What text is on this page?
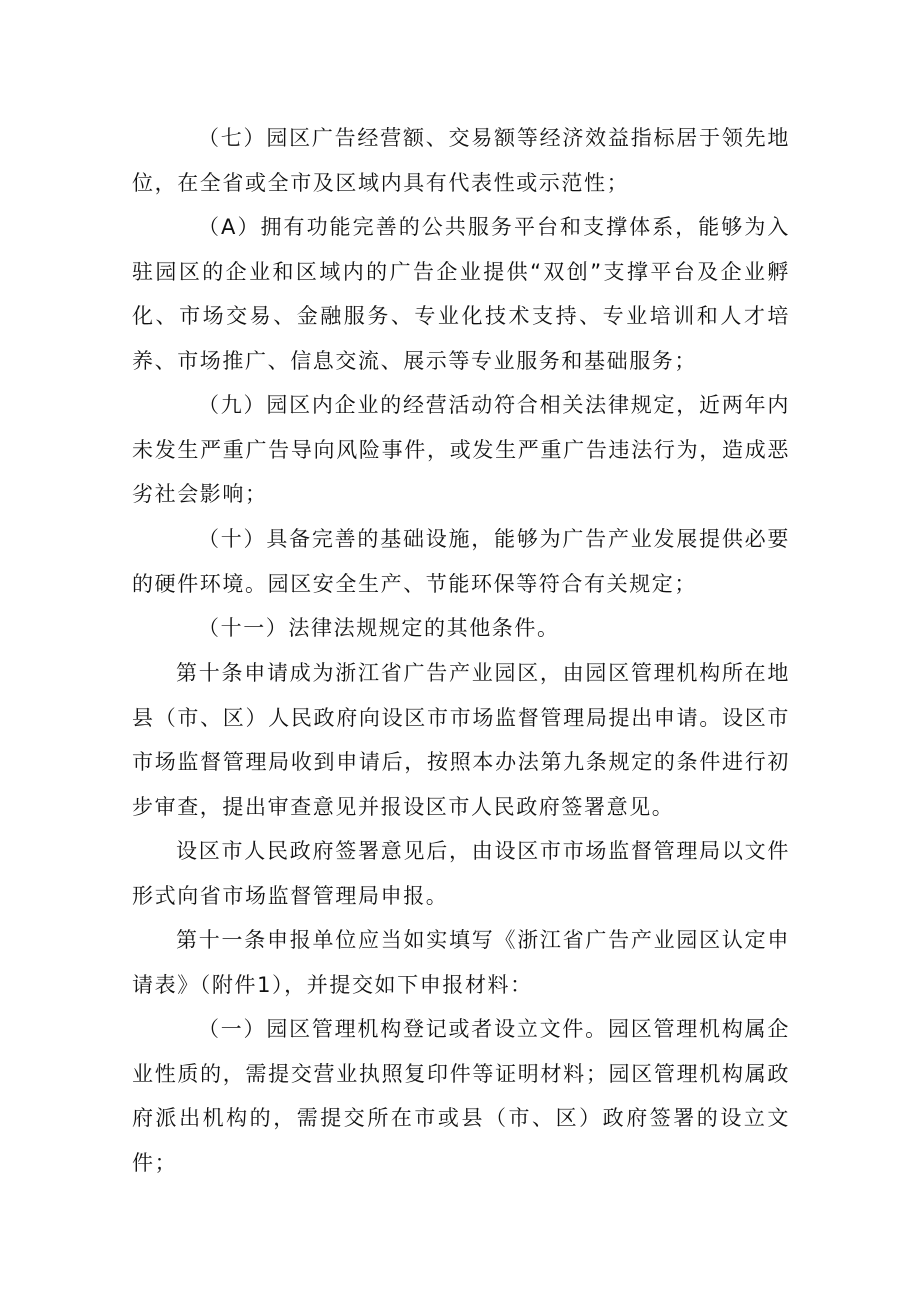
（七）园区广告经营额、交易额等经济效益指标居于领先地位，在全省或全市及区域内具有代表性或示范性；

（A）拥有功能完善的公共服务平台和支撑体系，能够为入驻园区的企业和区域内的广告企业提供“双创”支撑平台及企业孵化、市场交易、金融服务、专业化技术支持、专业培训和人才培养、市场推广、信息交流、展示等专业服务和基础服务；

（九）园区内企业的经营活动符合相关法律规定，近两年内未发生严重广告导向风险事件，或发生严重广告违法行为，造成恶劣社会影响；

（十）具备完善的基础设施，能够为广告产业发展提供必要的硬件环境。园区安全生产、节能环保等符合有关规定；

（十一）法律法规规定的其他条件。

第十条申请成为浙江省广告产业园区，由园区管理机构所在地县（市、区）人民政府向设区市市场监督管理局提出申请。设区市市场监督管理局收到申请后，按照本办法第九条规定的条件进行初步审查，提出审查意见并报设区市人民政府签署意见。

设区市人民政府签署意见后，由设区市市场监督管理局以文件形式向省市场监督管理局申报。

第十一条申报单位应当如实填写《浙江省广告产业园区认定申请表》（附件1），并提交如下申报材料：

（一）园区管理机构登记或者设立文件。园区管理机构属企业性质的，需提交营业执照复印件等证明材料；园区管理机构属政府派出机构的，需提交所在市或县（市、区）政府签署的设立文件；
